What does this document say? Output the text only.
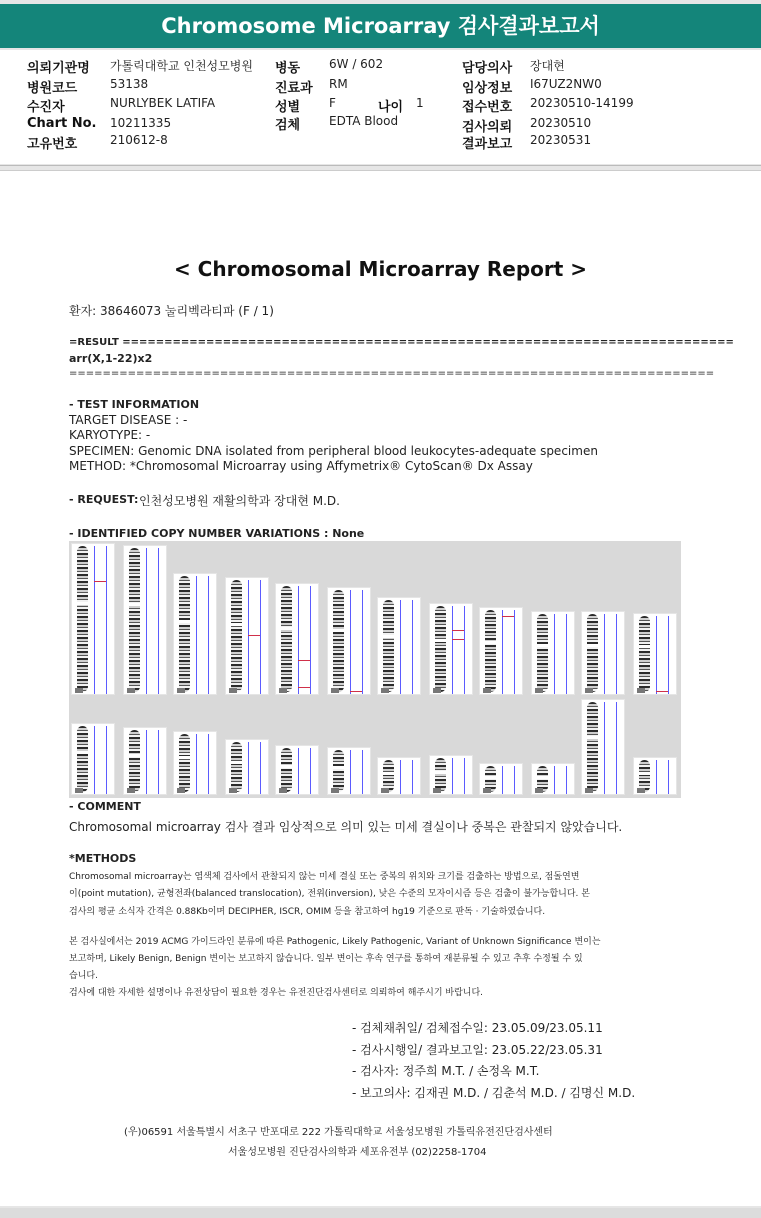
Chromosome Microarray 검사결과보고서
의뢰기관명 가톨릭대학교 인천성모병원 병동 6W / 602	담당의사 장대현
병원코드	53138	진료과 RM	임상정보 I67UZ2NW0
수진자	NURLYBEK LATIFA	성별 F	나이 1	접수번호 20230510-14199
Chart No. 10211335	검체 EDTA Blood	검사의뢰 20230510
고유번호	210612-8	결과보고 20230531
< Chromosomal Microarray Report >
환자: 38646073 눌리벡라티파 (F / 1)
=RESULT =========================================================================
arr(X,1-22)x2
=============================================================================
- TEST INFORMATION
TARGET DISEASE : -
KARYOTYPE: -
SPECIMEN: Genomic DNA isolated from peripheral blood leukocytes-adequate specimen
METHOD: *Chromosomal Microarray using Affymetrix® CytoScan® Dx Assay
- REQUEST: 인천성모병원 재활의학과 장대현 M.D.
- IDENTIFIED COPY NUMBER VARIATIONS : None
- COMMENT
Chromosomal microarray 검사 결과 임상적으로 의미 있는 미세 결실이나 중복은 관찰되지 않았습니다.
*METHODS
Chromosomal microarray는 염색체 검사에서 관찰되지 않는 미세 결실 또는 중복의 위치와 크기를 검출하는 방법으로, 점돌연변
이(point mutation), 균형전좌(balanced translocation), 전위(inversion), 낮은 수준의 모자이시즘 등은 검출이 불가능합니다. 본
검사의 평균 소식자 간격은 0.88Kb이며 DECIPHER, ISCR, OMIM 등을 참고하여 hg19 기준으로 판독 · 기술하였습니다.
본 검사실에서는 2019 ACMG 가이드라인 분류에 따른 Pathogenic, Likely Pathogenic, Variant of Unknown Significance 변이는
보고하며, Likely Benign, Benign 변이는 보고하지 않습니다. 일부 변이는 후속 연구를 통하여 재분류될 수 있고 추후 수정될 수 있
습니다.
검사에 대한 자세한 설명이나 유전상담이 필요한 경우는 유전진단검사센터로 의뢰하여 해주시기 바랍니다.
- 검체채취일/ 검체접수일: 23.05.09/23.05.11
- 검사시행일/ 결과보고일: 23.05.22/23.05.31
- 검사자: 정주희 M.T. / 손정옥 M.T.
- 보고의사: 김재권 M.D. / 김춘석 M.D. / 김명신 M.D.
(우)06591 서울특별시 서초구 반포대로 222 가톨릭대학교 서울성모병원 가톨릭유전진단검사센터
서울성모병원 진단검사의학과 세포유전부 (02)2258-1704
